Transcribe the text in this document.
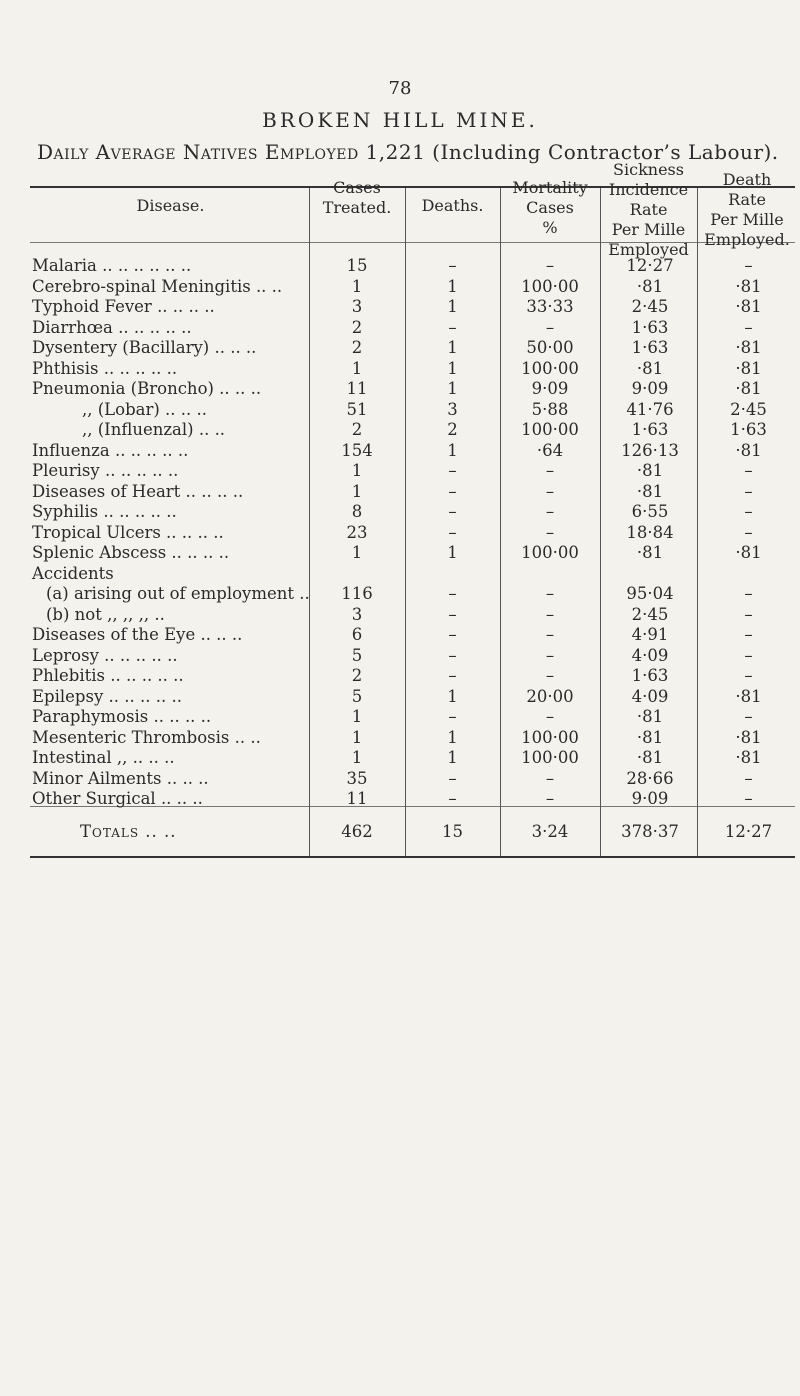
78
BROKEN HILL MINE.
Daily Average Natives Employed 1,221 (Including Contractor’s Labour).
Disease.
Cases
Treated.	Deaths.
Mortality
Cases
%
Sickness
Incidence
Rate
Per Mille
Employed
Death
Rate
Per Mille
Employed.
Malaria .. .. .. .. .. ..	15	–	–	12·27	–
Cerebro-spinal Meningitis .. ..	1	1	100·00	·81	·81
Typhoid Fever .. .. .. ..	3	1	33·33	2·45	·81
Diarrhœa .. .. .. .. ..	2	–	–	1·63	–
Dysentery (Bacillary) .. .. ..	2	1	50·00	1·63	·81
Phthisis .. .. .. .. ..	1	1	100·00	·81	·81
Pneumonia (Broncho) .. .. ..	11	1	9·09	9·09	·81
,, (Lobar) .. .. ..	51	3	5·88	41·76	2·45
,, (Influenzal) .. ..	2	2	100·00	1·63	1·63
Influenza .. .. .. .. ..	154	1	·64	126·13	·81
Pleurisy .. .. .. .. ..	1	–	–	·81	–
Diseases of Heart .. .. .. ..	1	–	–	·81	–
Syphilis .. .. .. .. ..	8	–	–	6·55	–
Tropical Ulcers .. .. .. ..	23	–	–	18·84	–
Splenic Abscess .. .. .. ..	1	1	100·00	·81	·81
Accidents					
(a) arising out of employment ..	116	–	–	95·04	–
(b) not ,, ,, ,, ..	3	–	–	2·45	–
Diseases of the Eye .. .. ..	6	–	–	4·91	–
Leprosy .. .. .. .. ..	5	–	–	4·09	–
Phlebitis .. .. .. .. ..	2	–	–	1·63	–
Epilepsy .. .. .. .. ..	5	1	20·00	4·09	·81
Paraphymosis .. .. .. ..	1	–	–	·81	–
Mesenteric Thrombosis .. ..	1	1	100·00	·81	·81
Intestinal ,, .. .. ..	1	1	100·00	·81	·81
Minor Ailments .. .. ..	35	–	–	28·66	–
Other Surgical .. .. ..	11	–	–	9·09	–
Totals .. ..	462	15	3·24	378·37	12·27
